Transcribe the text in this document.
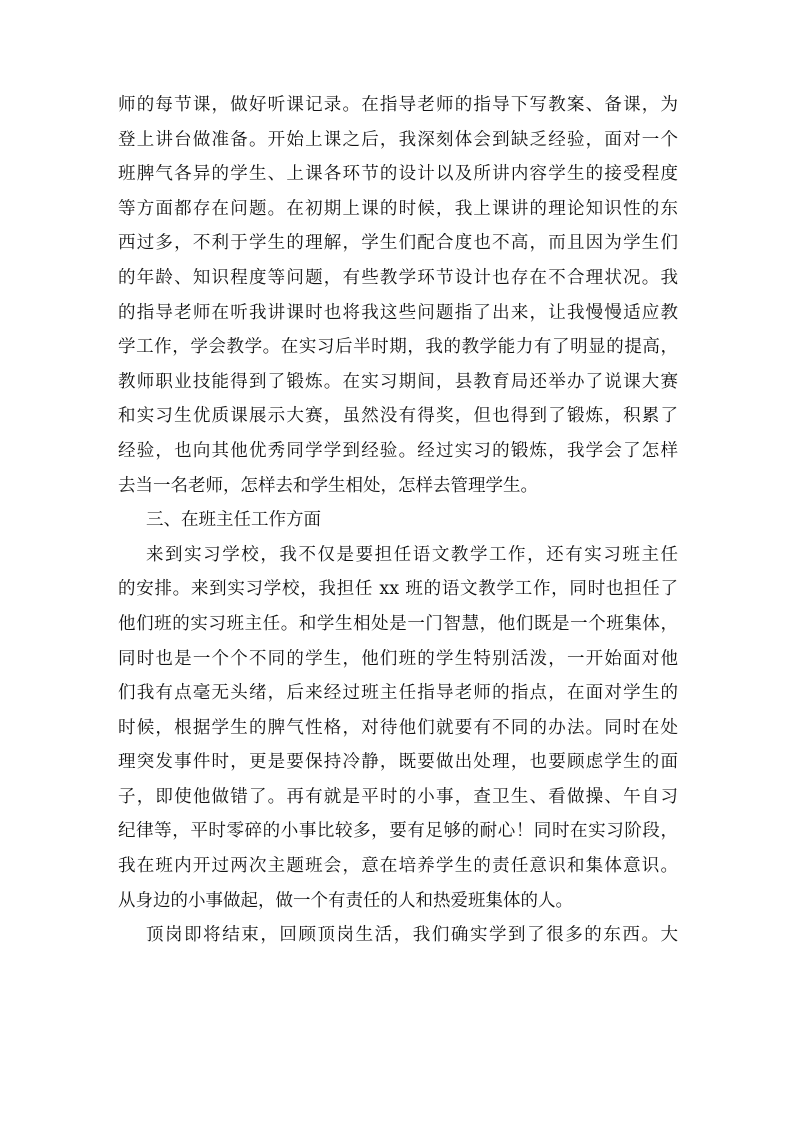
师的每节课，做好听课记录。在指导老师的指导下写教案、备课，为
登上讲台做准备。开始上课之后，我深刻体会到缺乏经验，面对一个
班脾气各异的学生、上课各环节的设计以及所讲内容学生的接受程度
等方面都存在问题。在初期上课的时候，我上课讲的理论知识性的东
西过多，不利于学生的理解，学生们配合度也不高，而且因为学生们
的年龄、知识程度等问题，有些教学环节设计也存在不合理状况。我
的指导老师在听我讲课时也将我这些问题指了出来，让我慢慢适应教
学工作，学会教学。在实习后半时期，我的教学能力有了明显的提高，
教师职业技能得到了锻炼。在实习期间，县教育局还举办了说课大赛
和实习生优质课展示大赛，虽然没有得奖，但也得到了锻炼，积累了
经验，也向其他优秀同学学到经验。经过实习的锻炼，我学会了怎样
去当一名老师，怎样去和学生相处，怎样去管理学生。
三、在班主任工作方面
来到实习学校，我不仅是要担任语文教学工作，还有实习班主任
的安排。来到实习学校，我担任 xx 班的语文教学工作，同时也担任了
他们班的实习班主任。和学生相处是一门智慧，他们既是一个班集体，
同时也是一个个不同的学生，他们班的学生特别活泼，一开始面对他
们我有点毫无头绪，后来经过班主任指导老师的指点，在面对学生的
时候，根据学生的脾气性格，对待他们就要有不同的办法。同时在处
理突发事件时，更是要保持冷静，既要做出处理，也要顾虑学生的面
子，即使他做错了。再有就是平时的小事，查卫生、看做操、午自习
纪律等，平时零碎的小事比较多，要有足够的耐心！同时在实习阶段，
我在班内开过两次主题班会，意在培养学生的责任意识和集体意识。
从身边的小事做起，做一个有责任的人和热爱班集体的人。
顶岗即将结束，回顾顶岗生活，我们确实学到了很多的东西。大
